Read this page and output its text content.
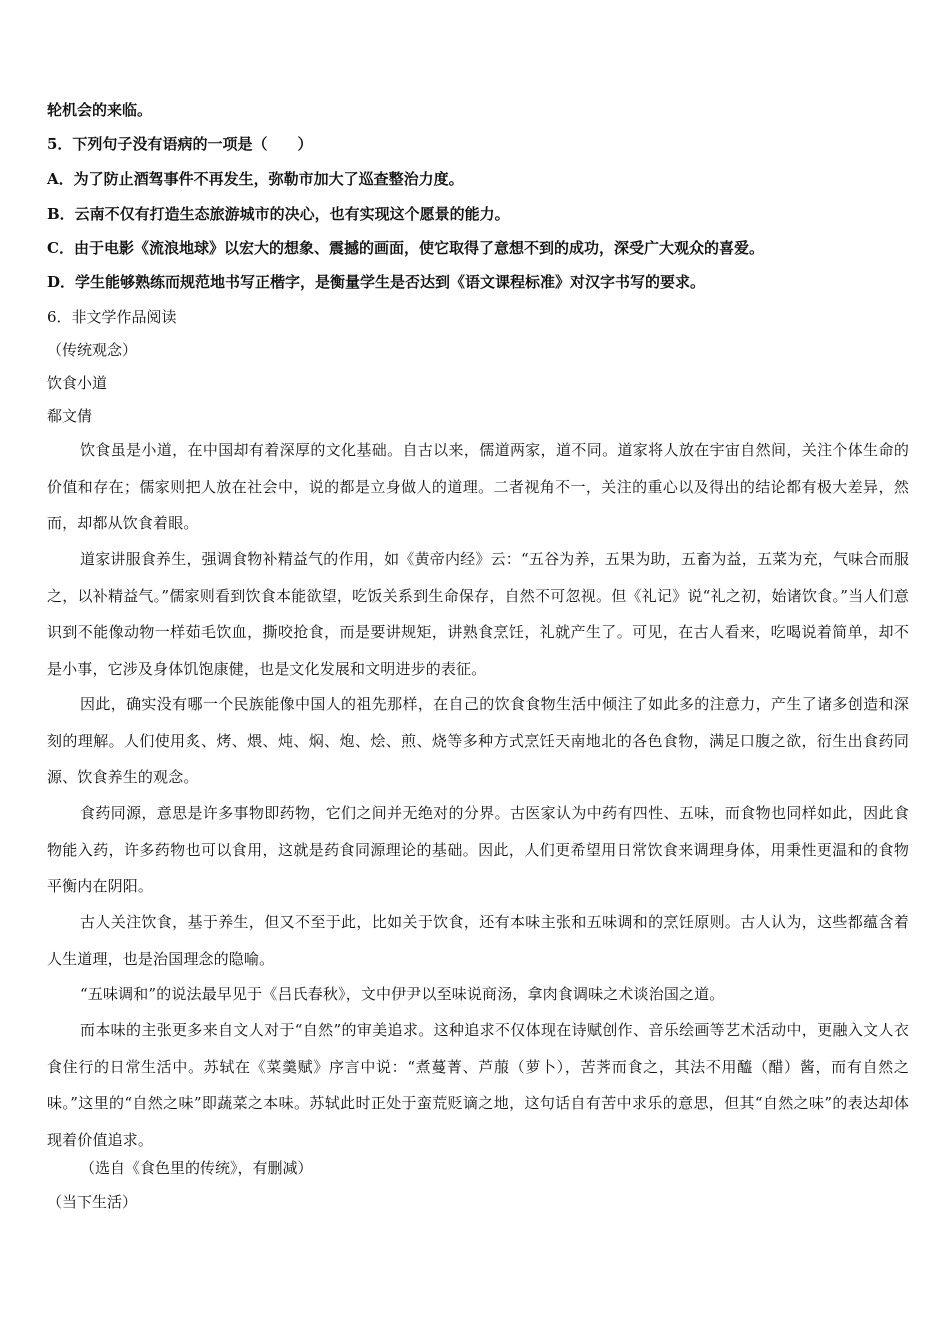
轮机会的来临。
5．下列句子没有语病的一项是（　　）
A．为了防止酒驾事件不再发生，弥勒市加大了巡查整治力度。
B．云南不仅有打造生态旅游城市的决心，也有实现这个愿景的能力。
C．由于电影《流浪地球》以宏大的想象、震撼的画面，使它取得了意想不到的成功，深受广大观众的喜爱。
D．学生能够熟练而规范地书写正楷字，是衡量学生是否达到《语文课程标准》对汉字书写的要求。
6．非文学作品阅读
（传统观念）
饮食小道
郗文倩
饮食虽是小道，在中国却有着深厚的文化基础。自古以来，儒道两家，道不同。道家将人放在宇宙自然间，关注个体生命的价值和存在；儒家则把人放在社会中，说的都是立身做人的道理。二者视角不一，关注的重心以及得出的结论都有极大差异，然而，却都从饮食着眼。
道家讲服食养生，强调食物补精益气的作用，如《黄帝内经》云：“五谷为养，五果为助，五畜为益，五菜为充，气味合而服之，以补精益气。”儒家则看到饮食本能欲望，吃饭关系到生命保存，自然不可忽视。但《礼记》说“礼之初，始诸饮食。”当人们意识到不能像动物一样茹毛饮血，撕咬抢食，而是要讲规矩，讲熟食烹饪，礼就产生了。可见，在古人看来，吃喝说着简单，却不是小事，它涉及身体饥饱康健，也是文化发展和文明进步的表征。
因此，确实没有哪一个民族能像中国人的祖先那样，在自己的饮食食物生活中倾注了如此多的注意力，产生了诸多创造和深刻的理解。人们使用炙、烤、煨、炖、焖、炮、烩、煎、烧等多种方式烹饪天南地北的各色食物，满足口腹之欲，衍生出食药同源、饮食养生的观念。
食药同源，意思是许多事物即药物，它们之间并无绝对的分界。古医家认为中药有四性、五味，而食物也同样如此，因此食物能入药，许多药物也可以食用，这就是药食同源理论的基础。因此，人们更希望用日常饮食来调理身体，用秉性更温和的食物平衡内在阴阳。
古人关注饮食，基于养生，但又不至于此，比如关于饮食，还有本味主张和五味调和的烹饪原则。古人认为，这些都蕴含着人生道理，也是治国理念的隐喻。
“五味调和”的说法最早见于《吕氏春秋》，文中伊尹以至味说商汤，拿肉食调味之术谈治国之道。
而本味的主张更多来自文人对于“自然”的审美追求。这种追求不仅体现在诗赋创作、音乐绘画等艺术活动中，更融入文人衣食住行的日常生活中。苏轼在《菜羹赋》序言中说：“煮蔓菁、芦菔（萝卜），苦荠而食之，其法不用醯（醋）酱，而有自然之味。”这里的“自然之味”即蔬菜之本味。苏轼此时正处于蛮荒贬谪之地，这句话自有苦中求乐的意思，但其“自然之味”的表达却体现着价值追求。
（选自《食色里的传统》，有删减）
（当下生活）
